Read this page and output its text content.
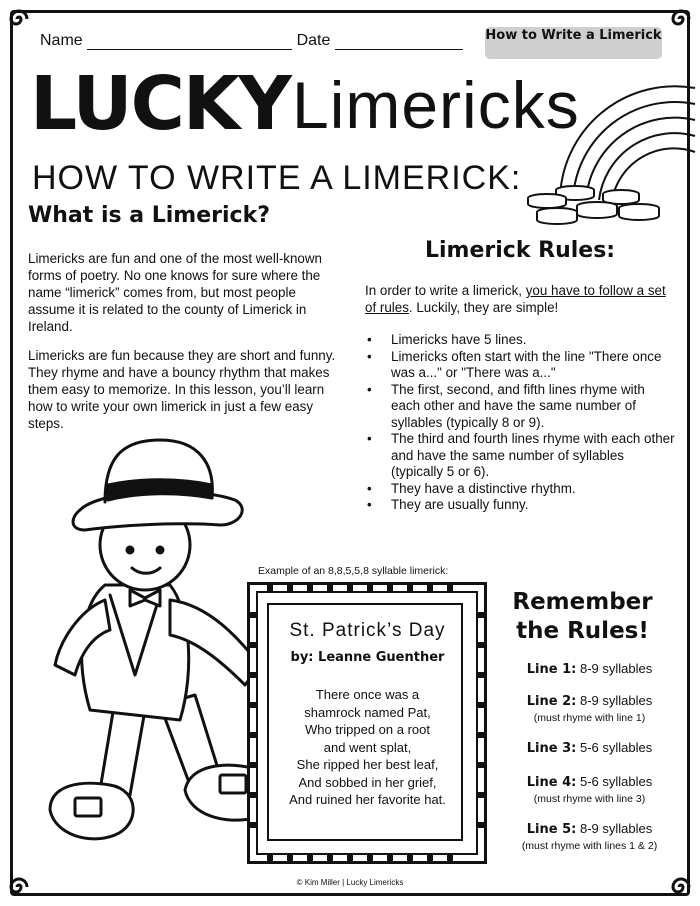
Name	Date	How to Write a Limerick
LUCKY Limericks
HOW TO WRITE A LIMERICK:
What is a Limerick?
Limericks are fun and one of the most well-known forms of poetry. No one knows for sure where the name “limerick” comes from, but most people assume it is related to the county of Limerick in Ireland.
Limericks are fun because they are short and funny. They rhyme and have a bouncy rhythm that makes them easy to memorize. In this lesson, you’ll learn how to write your own limerick in just a few easy steps.
Limerick Rules:
In order to write a limerick, you have to follow a set of rules. Luckily, they are simple!
• Limericks have 5 lines.
• Limericks often start with the line "There once was a..." or "There was a..."
• The first, second, and fifth lines rhyme with each other and have the same number of syllables (typically 8 or 9).
• The third and fourth lines rhyme with each other and have the same number of syllables (typically 5 or 6).
• They have a distinctive rhythm.
• They are usually funny.
Example of an 8,8,5,5,8 syllable limerick:
St. Patrick’s Day
by: Leanne Guenther
There once was a
shamrock named Pat,
Who tripped on a root
and went splat,
She ripped her best leaf,
And sobbed in her grief,
And ruined her favorite hat.
Remember
the Rules!
Line 1: 8-9 syllables
Line 2: 8-9 syllables
(must rhyme with line 1)
Line 3: 5-6 syllables
Line 4: 5-6 syllables
(must rhyme with line 3)
Line 5: 8-9 syllables
(must rhyme with lines 1 & 2)
© Kim Miller | Lucky Limericks
